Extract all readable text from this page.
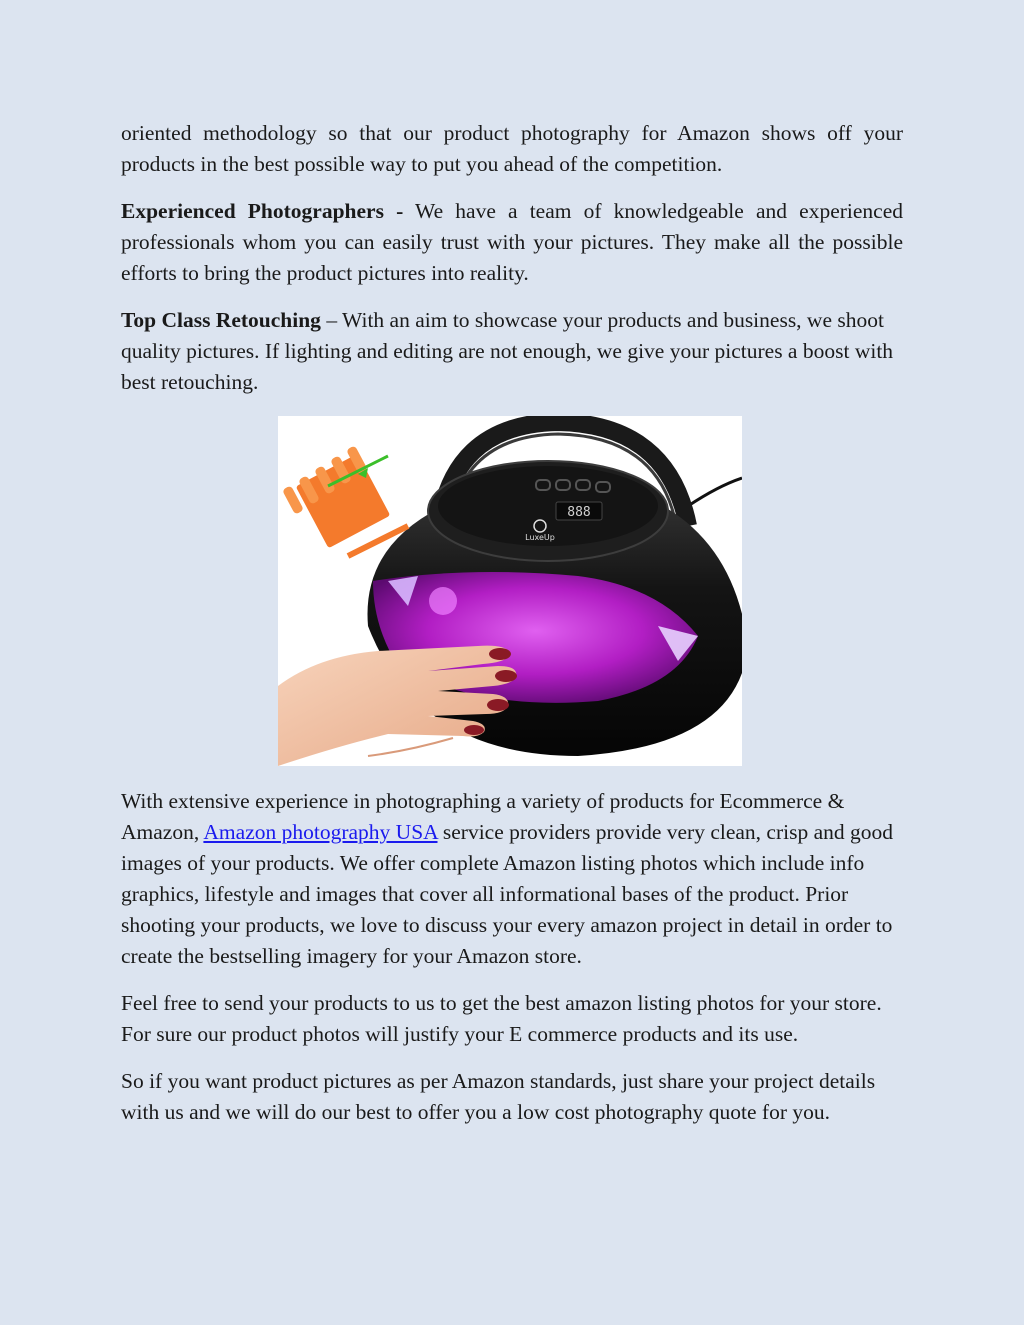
oriented methodology so that our product photography for Amazon shows off your products in the best possible way to put you ahead of the competition.

Experienced Photographers - We have a team of knowledgeable and experienced professionals whom you can easily trust with your pictures. They make all the possible efforts to bring the product pictures into reality.

Top Class Retouching – With an aim to showcase your products and business, we shoot quality pictures. If lighting and editing are not enough, we give your pictures a boost with best retouching.

888
LuxeUp

With extensive experience in photographing a variety of products for Ecommerce & Amazon, Amazon photography USA service providers provide very clean, crisp and good images of your products. We offer complete Amazon listing photos which include info graphics, lifestyle and images that cover all informational bases of the product. Prior shooting your products, we love to discuss your every amazon project in detail in order to create the bestselling imagery for your Amazon store.

Feel free to send your products to us to get the best amazon listing photos for your store. For sure our product photos will justify your E commerce products and its use.

So if you want product pictures as per Amazon standards, just share your project details with us and we will do our best to offer you a low cost photography quote for you.
